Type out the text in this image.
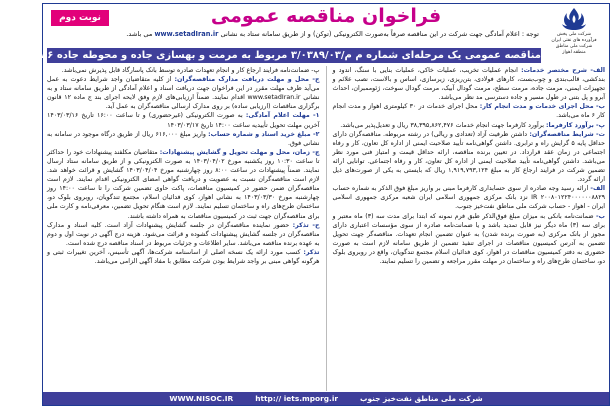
شرکت ملی پخش
فرآورده های نفتی ایران
شرکت ملی مناطق
منطقه اهواز
فراخوان مناقصه عمومی
نوبت دوم
توجه : اعلام آمادگی جهت شرکت در این مناقصه صرفاً به‌صورت الکترونیکی (توکن) و از طریق سامانه ستاد به نشانی www.setadIran.ir می باشد.
مناقصه عمومی یک مرحله‌ای شماره م م/۳/۰۳۸۹/۰۳ مربوط به مرمت و بهسازی جاده و محوطه جاده ۱۴۸۶ اهواز

الف- شرح مختصر خدمات: انجام عملیات تخریب، عملیات خاکی، عملیات بنایی با سنگ، اندود و بندکشی، قالب‌بندی و چوب‌بست، کارهای فولادی، بتن‌ریزی، زیرسازی، اساس و بالاست، نصب علائم و تجهیزات ایمنی، مرمت جاده، مرمت سطح، مرمت گودال آبیک، مرمت گودال سوخت، ژئوممبران، احداث آبرو و پل بتنی در طول مسیر و جاده دسترسی مد نظر می‌باشد.

ب- محل اجرای خدمات و مدت انجام کار: محل اجرای خدمات در ۳۰ کیلومتری اهواز و مدت انجام کار ۶ ماه می‌باشد.

پ- برآورد کارفرما: برآورد کارفرما جهت انجام خدمات ۳۸,۳۹۵,۸۶۲,۴۷۶ ریال و تعدیل‌پذیر می‌باشد.

ت- شرایط مناقصه‌گران: داشتن ظرفیت آزاد (تعدادی و ریالی) در رشته مربوطه. مناقصه‌گران دارای حداقل پایه ۵ گرایش راه و ترابری. داشتن گواهی‌نامه تأیید صلاحیت ایمنی از اداره کل تعاون، کار و رفاه اجتماعی در زمان عقد قرارداد. در تعیین برنده مناقصه، ارائه حداقل قیمت و امتیاز فنی مورد نظر می‌باشد. داشتن گواهی‌نامه تأیید صلاحیت ایمنی از اداره کل تعاون، کار و رفاه اجتماعی. توانایی ارائه تضمین شرکت در فرایند ارجاع کار به مبلغ ۱,۹۱۹,۷۹۳,۱۲۴ ریال که بایستی به یکی از صورت‌های ذیل ارائه گردد.

الف- ارائه رسید وجه صادره از سوی حسابداری کارفرما مبنی بر واریز مبلغ فوق الذکر به شماره حساب ۲۰۰۸۰۱۲۲۴۰۰۰۰۰۰۸۸۲۹ IR نزد بانک مرکزی جمهوری اسلامی ایران شعبه مرکزی جمهوری اسلامی ایران - اهواز - حساب شرکت ملی مناطق نفت‌خیز جنوب.

ب- ضمانت‌نامه بانکی به میزان مبلغ فوق‌الذکر طبق فرم نمونه که ابتدا برای مدت سه (۳) ماه معتبر و برای سه (۳) ماه دیگر نیز قابل تمدید باشد و یا ضمانت‌نامه صادره از سوی مؤسسات اعتباری دارای مجوز از بانک مرکزی (به صورت برنده شدن) به عنوان تضمین انجام تعهدات. مناقصه‌گر جهت تحویل تضمین به آدرس کمیسیون مناقصات در اجرای تنفیذ تضمین از طریق سامانه لازم است به صورت حضوری به دفتر کمیسیون مناقصات در اهواز، کوی فدائیان اسلام مجتمع تندگویان، واقع در روبروی بلوک دو، ساختمان طرح‌های راه و ساختمان در مهلت مقرر مراجعه و تضمین را تسلیم نمایند.

پ- ضمانت‌نامه فرایند ارجاع کار و انجام تعهدات صادره توسط بانک پاسارگاد قابل پذیرش نمی‌باشد.

ج- محل و مهلت دریافت مدارک مناقصه‌گران: از کلیه متقاضیان واجد شرایط دعوت به عمل می‌آید ظرف مهلت مقرر در این فراخوان جهت دریافت اسناد و اعلام آمادگی از طریق سامانه ستاد و به نشانی www.setadIran.ir اقدام نمایند. ضمناً ارزیابی‌های لازم وفق لایحه اجرای بند ج ماده ۱۲ قانون برگزاری مناقصات (ارزیابی ساده) بر روی مدارک ارسالی مناقصه‌گران به عمل آید.

۱- مهلت اعلام آمادگی: به صورت الکترونیکی (غیرحضوری) و تا ساعت ۱۶:۰۰ تاریخ ۱۴۰۳/۰۳/۱۶ آخرین مهلت تحویل تأییدیه ساعت ۱۴:۰۰ تاریخ ۱۴۰۳/۰۳/۱۷

۲- مبلغ خرید اسناد و شماره حساب: واریز مبلغ ۶۱۶,۰۰۰ ریال از طریق درگاه موجود در سامانه به نشانی فوق.

چ- زمان، محل و مهلت تحویل و گشایش پیشنهادات: متقاضیان مکلفند پیشنهادات خود را حداکثر تا ساعت ۱۰:۳۰ روز یکشنبه مورخ ۱۴۰۳/۰۴/۰۲ به صورت الکترونیکی و از طریق سامانه ستاد ارسال نمایند. ضمناً پیشنهادات در ساعت ۸:۰۰ روز چهارشنبه مورخ ۱۴۰۳/۰۴/۰۴ گشایش و قرائت خواهد شد. لازم است مناقصه‌گران نسبت به عضویت و دریافت گواهی امضای الکترونیکی اقدام نمایند. لازم است مناقصه‌گران ضمن حضور در کمیسیون مناقصات، پاکت حاوی تضمین شرکت را تا ساعت ۱۴:۰۰ روز چهارشنبه مورخ ۱۴۰۳/۰۳/۳۰ به نشانی اهواز، کوی فدائیان اسلام، مجتمع تندگویان، روبروی بلوک دو، ساختمان طرح‌های راه و ساختمان تسلیم نمایند. لازم است هنگام تحویل تضمین، معرفی‌نامه و کارت ملی برای مناقصه‌گران جهت ثبت در کمیسیون مناقصات به همراه داشته باشند.

ح- تذکر: حضور نماینده مناقصه‌گران در جلسه گشایش پیشنهادات آزاد است. کلیه اسناد و مدارک مناقصه‌گران در جلسه گشایش پیشنهادات گشوده و قرائت می‌شود. هزینه درج آگهی در نوبت اول و دوم به عهده برنده مناقصه می‌باشد. سایر اطلاعات و جزئیات مربوط در اسناد مناقصه درج شده است.

تذکر: کسب مورد ارائه یک نسخه اصلی از اساسنامه شرکت‌ها، آگهی تأسیس، آخرین تغییرات ثبتی و هرگونه گواهی مبنی بر واجد شرایط بودن شرکت مطابق با مفاد آگهی الزامی می‌باشد.

WWW.NISOC.IR	http:// iets.mporg.ir	شرکت ملی مناطق نفت‌خیز جنوب
